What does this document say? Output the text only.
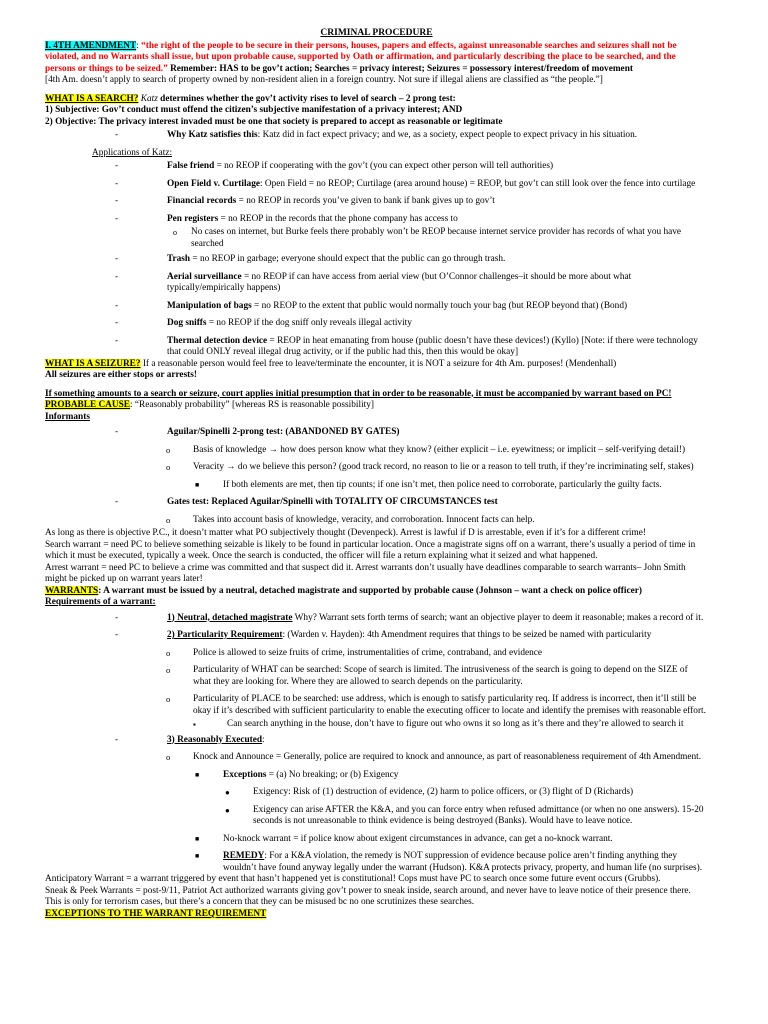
CRIMINAL PROCEDURE

I. 4TH AMENDMENT: “the right of the people to be secure in their persons, houses, papers and effects, against unreasonable searches and seizures shall not be violated, and no Warrants shall issue, but upon probable cause, supported by Oath or affirmation, and particularly describing the place to be searched, and the persons or things to be seized.” Remember: HAS to be gov’t action; Searches = privacy interest; Seizures = possessory interest/freedom of movement

[4th Am. doesn’t apply to search of property owned by non-resident alien in a foreign country. Not sure if illegal aliens are classified as “the people.”]

WHAT IS A SEARCH? Katz determines whether the gov’t activity rises to level of search – 2 prong test:

1) Subjective: Gov’t conduct must offend the citizen’s subjective manifestation of a privacy interest; AND

2) Objective: The privacy interest invaded must be one that society is prepared to accept as reasonable or legitimate

- Why Katz satisfies this: Katz did in fact expect privacy; and we, as a society, expect people to expect privacy in his situation.

Applications of Katz:

- False friend = no REOP if cooperating with the gov’t (you can expect other person will tell authorities)
- Open Field v. Curtilage: Open Field = no REOP; Curtilage (area around house) = REOP, but gov’t can still look over the fence into curtilage
- Financial records = no REOP in records you’ve given to bank if bank gives up to gov’t
- Pen registers = no REOP in the records that the phone company has access to
o No cases on internet, but Burke feels there probably won’t be REOP because internet service provider has records of what you have searched
- Trash = no REOP in garbage; everyone should expect that the public can go through trash.
- Aerial surveillance = no REOP if can have access from aerial view (but O’Connor challenges–it should be more about what typically/empirically happens)
- Manipulation of bags = no REOP to the extent that public would normally touch your bag (but REOP beyond that) (Bond)
- Dog sniffs = no REOP if the dog sniff only reveals illegal activity
- Thermal detection device = REOP in heat emanating from house (public doesn’t have these devices!) (Kyllo) [Note: if there were technology that could ONLY reveal illegal drug activity, or if the public had this, then this would be okay]

WHAT IS A SEIZURE? If a reasonable person would feel free to leave/terminate the encounter, it is NOT a seizure for 4th Am. purposes! (Mendenhall)

All seizures are either stops or arrests!

If something amounts to a search or seizure, court applies initial presumption that in order to be reasonable, it must be accompanied by warrant based on PC!

PROBABLE CAUSE: “Reasonably probability” [whereas RS is reasonable possibility]

Informants

- Aguilar/Spinelli 2-prong test: (ABANDONED BY GATES)
o Basis of knowledge → how does person know what they know? (either explicit – i.e. eyewitness; or implicit – self-verifying detail!)
o Veracity → do we believe this person? (good track record, no reason to lie or a reason to tell truth, if they’re incriminating self, stakes)
■ If both elements are met, then tip counts; if one isn’t met, then police need to corroborate, particularly the guilty facts.
- Gates test: Replaced Aguilar/Spinelli with TOTALITY OF CIRCUMSTANCES test
o Takes into account basis of knowledge, veracity, and corroboration. Innocent facts can help.

As long as there is objective P.C., it doesn’t matter what PO subjectively thought (Devenpeck). Arrest is lawful if D is arrestable, even if it’s for a different crime!

Search warrant = need PC to believe something seizable is likely to be found in particular location. Once a magistrate signs off on a warrant, there’s usually a period of time in which it must be executed, typically a week. Once the search is conducted, the officer will file a return explaining what it seized and what happened.

Arrest warrant = need PC to believe a crime was committed and that suspect did it. Arrest warrants don’t usually have deadlines comparable to search warrants– John Smith might be picked up on warrant years later!

WARRANTS: A warrant must be issued by a neutral, detached magistrate and supported by probable cause (Johnson – want a check on police officer)

Requirements of a warrant:

- 1) Neutral, detached magistrate Why? Warrant sets forth terms of search; want an objective player to deem it reasonable; makes a record of it.
- 2) Particularity Requirement: (Warden v. Hayden): 4th Amendment requires that things to be seized be named with particularity
o Police is allowed to seize fruits of crime, instrumentalities of crime, contraband, and evidence
o Particularity of WHAT can be searched: Scope of search is limited. The intrusiveness of the search is going to depend on the SIZE of what they are looking for. Where they are allowed to search depends on the particularity.
o Particularity of PLACE to be searched: use address, which is enough to satisfy particularity req. If address is incorrect, then it’ll still be okay if it’s described with sufficient particularity to enable the executing officer to locate and identify the premises with reasonable effort.
▪ Can search anything in the house, don’t have to figure out who owns it so long as it’s there and they’re allowed to search it
- 3) Reasonably Executed:
o Knock and Announce = Generally, police are required to knock and announce, as part of reasonableness requirement of 4th Amendment.
■ Exceptions = (a) No breaking; or (b) Exigency
● Exigency: Risk of (1) destruction of evidence, (2) harm to police officers, or (3) flight of D (Richards)
● Exigency can arise AFTER the K&A, and you can force entry when refused admittance (or when no one answers). 15-20 seconds is not unreasonable to think evidence is being destroyed (Banks). Would have to leave notice.
■ No-knock warrant = if police know about exigent circumstances in advance, can get a no-knock warrant.
■ REMEDY: For a K&A violation, the remedy is NOT suppression of evidence because police aren’t finding anything they wouldn’t have found anyway legally under the warrant (Hudson). K&A protects privacy, property, and human life (no surprises).

Anticipatory Warrant = a warrant triggered by event that hasn’t happened yet is constitutional! Cops must have PC to search once some future event occurs (Grubbs).

Sneak & Peek Warrants = post-9/11, Patriot Act authorized warrants giving gov’t power to sneak inside, search around, and never have to leave notice of their presence there. This is only for terrorism cases, but there’s a concern that they can be misused bc no one scrutinizes these searches.

EXCEPTIONS TO THE WARRANT REQUIREMENT
